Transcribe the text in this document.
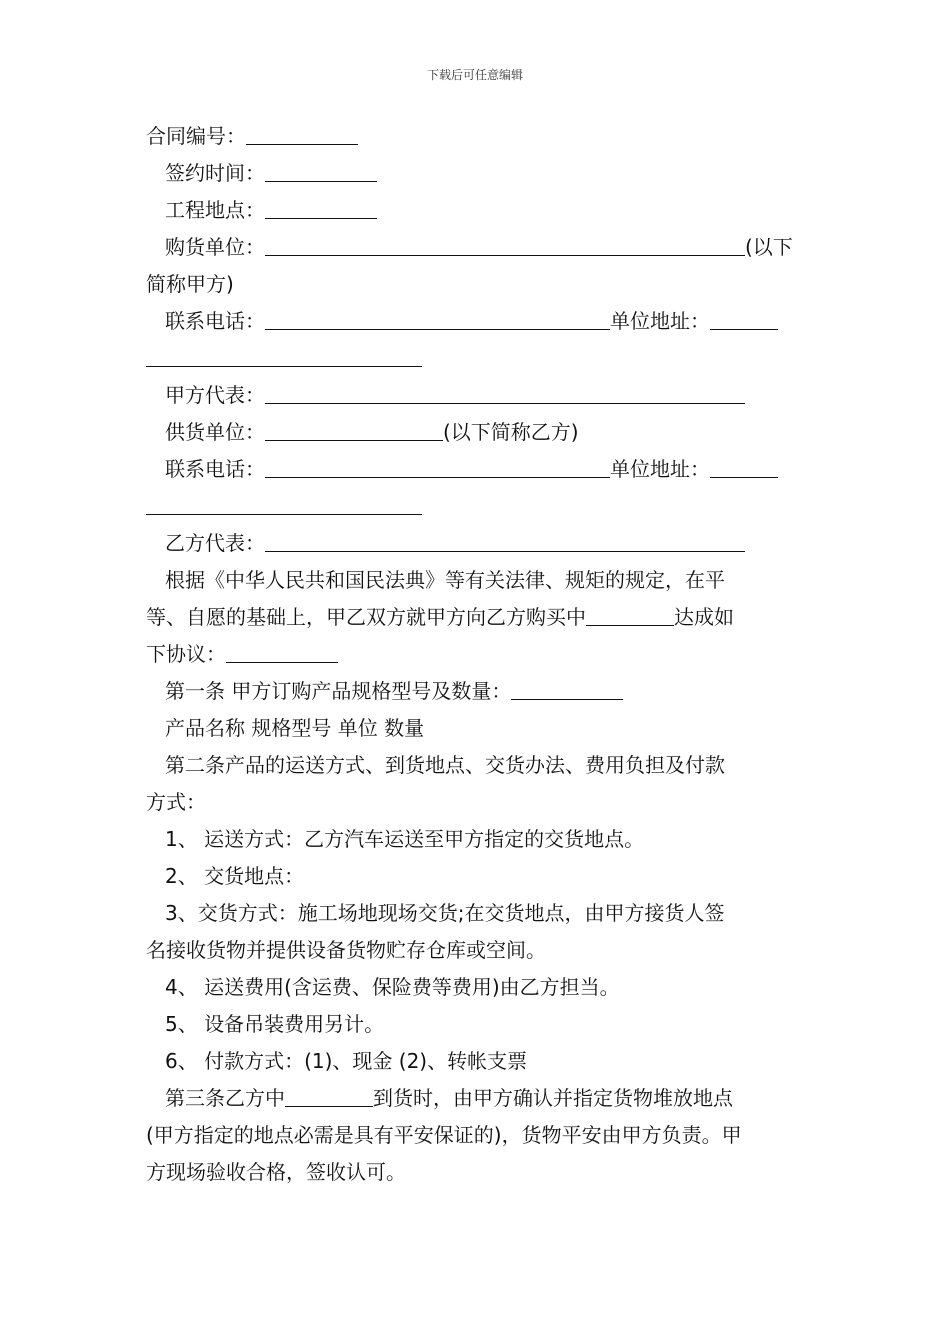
下载后可任意编辑
合同编号：
签约时间：
工程地点：
购货单位：	(以下
简称甲方)
联系电话：	单位地址：
甲方代表：
供货单位：	(以下简称乙方)
联系电话：	单位地址：
乙方代表：
根据《中华人民共和国民法典》等有关法律、规矩的规定，在平
等、自愿的基础上，甲乙双方就甲方向乙方购买中	达成如
下协议：
第一条 甲方订购产品规格型号及数量：
产品名称 规格型号 单位 数量
第二条产品的运送方式、到货地点、交货办法、费用负担及付款
方式：
1、 运送方式：乙方汽车运送至甲方指定的交货地点。
2、 交货地点：
3、交货方式：施工场地现场交货;在交货地点，由甲方接货人签
名接收货物并提供设备货物贮存仓库或空间。
4、 运送费用(含运费、保险费等费用)由乙方担当。
5、 设备吊装费用另计。
6、 付款方式：(1)、现金 (2)、转帐支票
第三条乙方中	到货时，由甲方确认并指定货物堆放地点
(甲方指定的地点必需是具有平安保证的)，货物平安由甲方负责。甲
方现场验收合格，签收认可。
